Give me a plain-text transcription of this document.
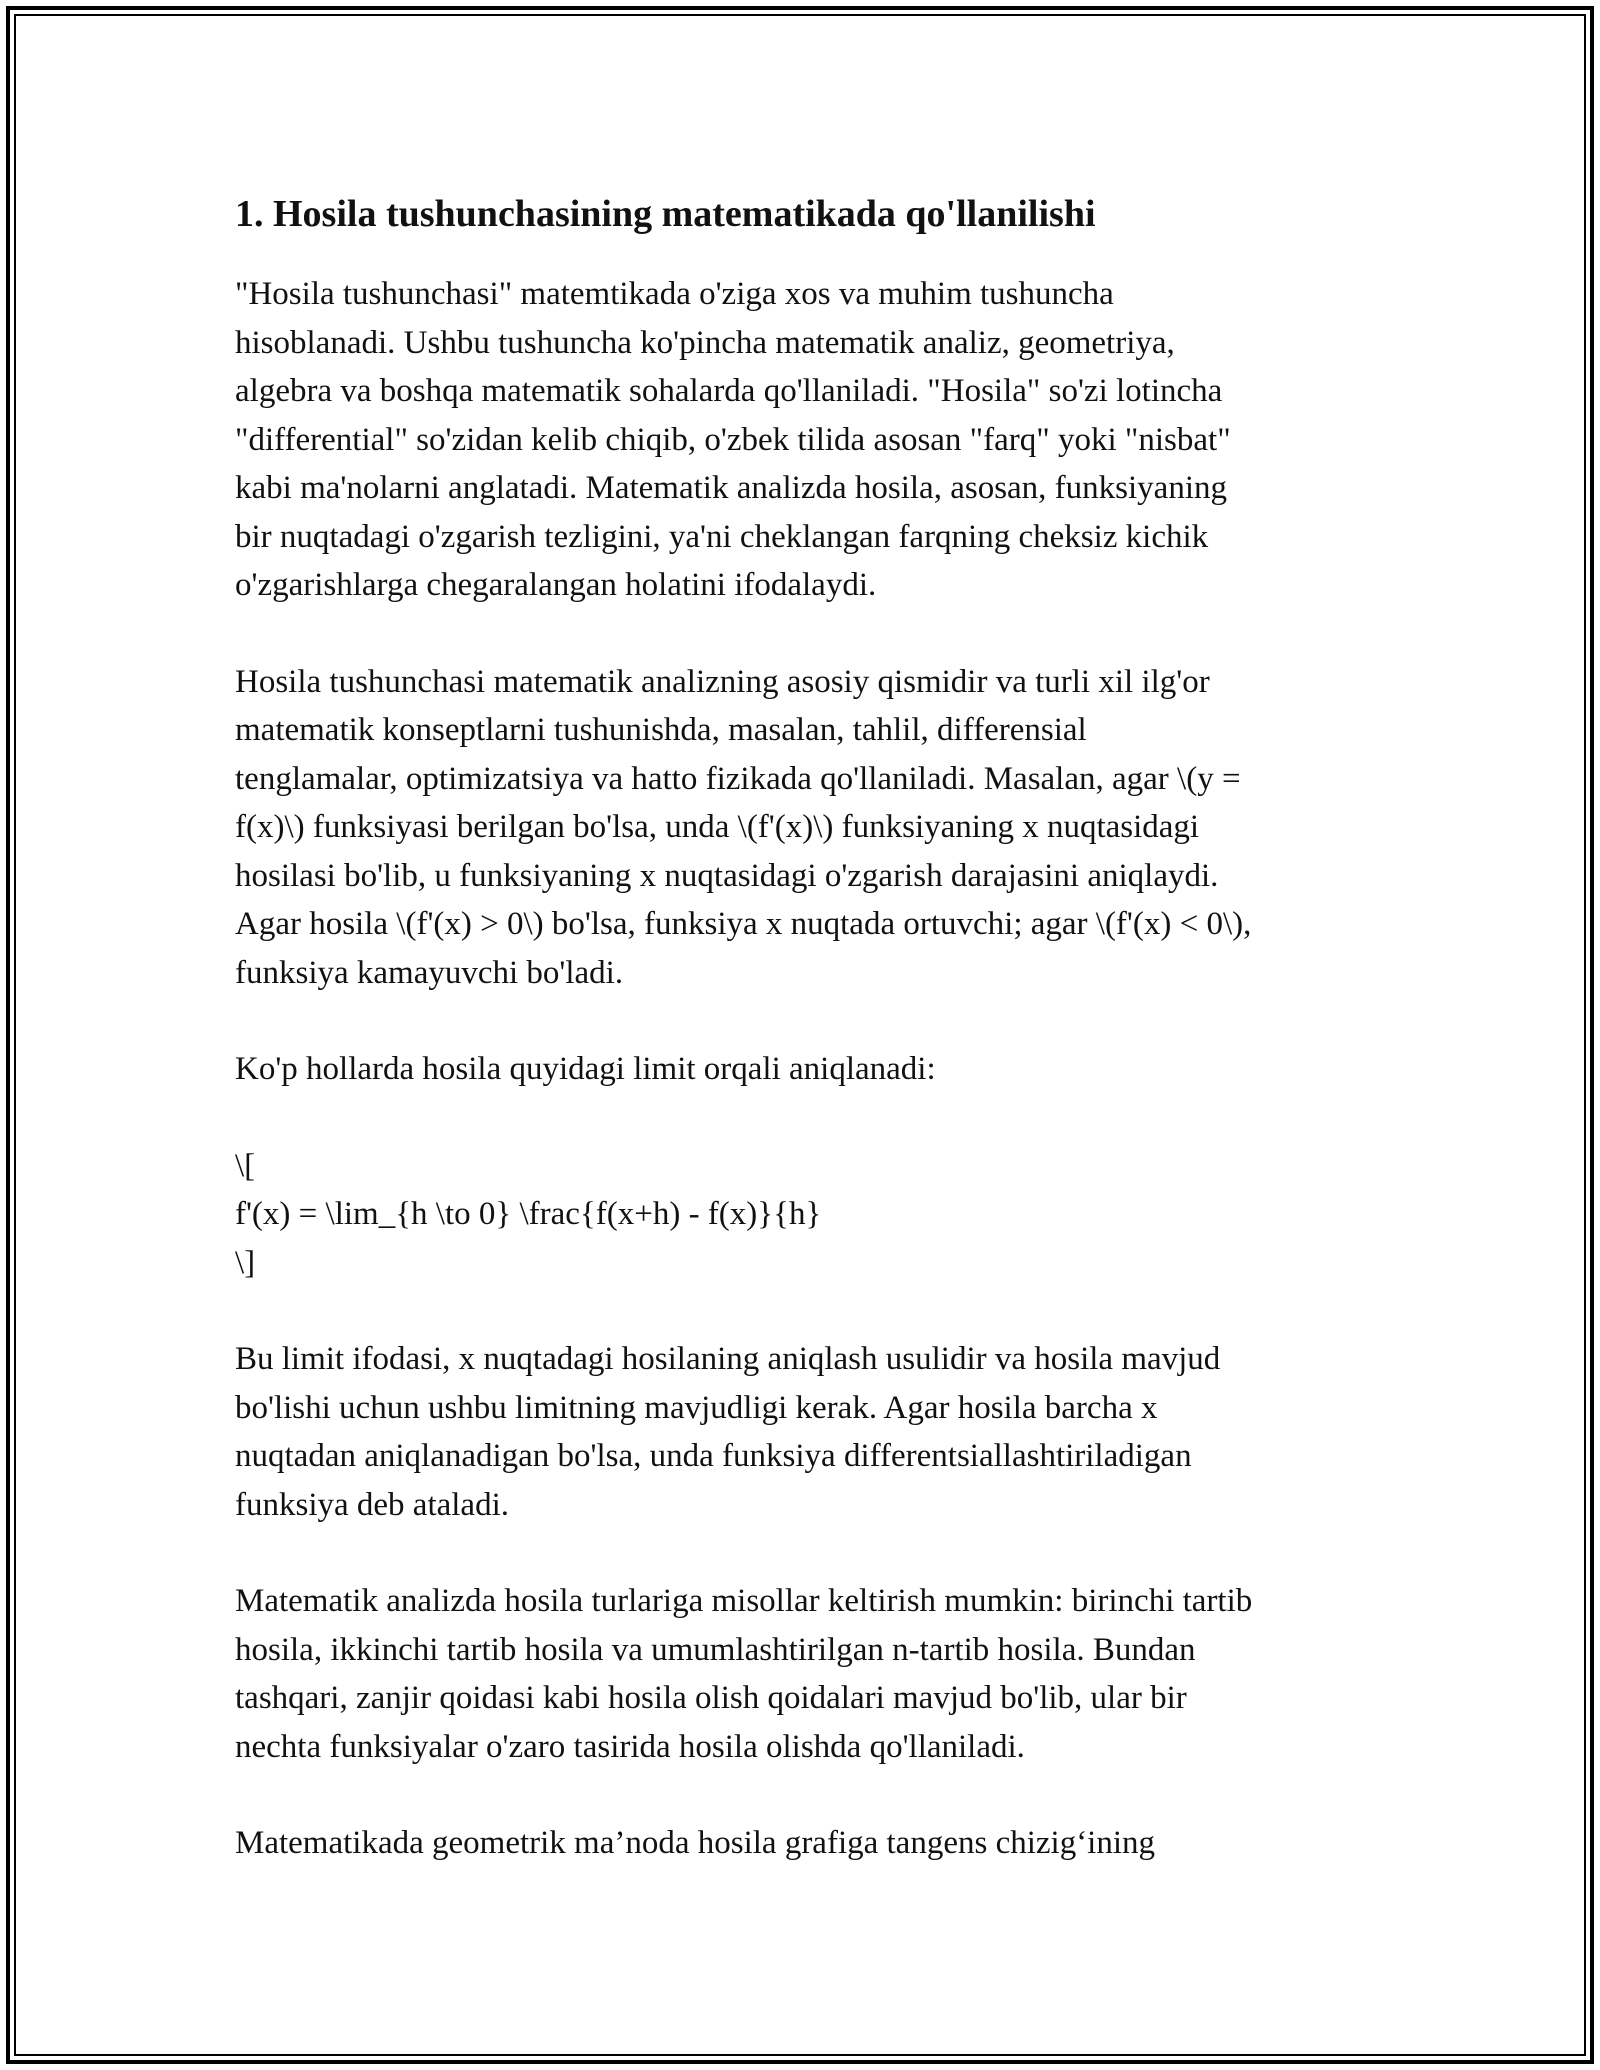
1. Hosila tushunchasining matematikada qo'llanilishi

"Hosila tushunchasi" matemtikada o'ziga xos va muhim tushuncha
hisoblanadi. Ushbu tushuncha ko'pincha matematik analiz, geometriya,
algebra va boshqa matematik sohalarda qo'llaniladi. "Hosila" so'zi lotincha
"differential" so'zidan kelib chiqib, o'zbek tilida asosan "farq" yoki "nisbat"
kabi ma'nolarni anglatadi. Matematik analizda hosila, asosan, funksiyaning
bir nuqtadagi o'zgarish tezligini, ya'ni cheklangan farqning cheksiz kichik
o'zgarishlarga chegaralangan holatini ifodalaydi.

Hosila tushunchasi matematik analizning asosiy qismidir va turli xil ilg'or
matematik konseptlarni tushunishda, masalan, tahlil, differensial
tenglamalar, optimizatsiya va hatto fizikada qo'llaniladi. Masalan, agar \(y =
f(x)\) funksiyasi berilgan bo'lsa, unda \(f'(x)\) funksiyaning x nuqtasidagi
hosilasi bo'lib, u funksiyaning x nuqtasidagi o'zgarish darajasini aniqlaydi.
Agar hosila \(f'(x) > 0\) bo'lsa, funksiya x nuqtada ortuvchi; agar \(f'(x) < 0\),
funksiya kamayuvchi bo'ladi.

Ko'p hollarda hosila quyidagi limit orqali aniqlanadi:

\[
f'(x) = \lim_{h \to 0} \frac{f(x+h) - f(x)}{h}
\]

Bu limit ifodasi, x nuqtadagi hosilaning aniqlash usulidir va hosila mavjud
bo'lishi uchun ushbu limitning mavjudligi kerak. Agar hosila barcha x
nuqtadan aniqlanadigan bo'lsa, unda funksiya differentsiallashtiriladigan
funksiya deb ataladi.

Matematik analizda hosila turlariga misollar keltirish mumkin: birinchi tartib
hosila, ikkinchi tartib hosila va umumlashtirilgan n-tartib hosila. Bundan
tashqari, zanjir qoidasi kabi hosila olish qoidalari mavjud bo'lib, ular bir
nechta funksiyalar o'zaro tasirida hosila olishda qo'llaniladi.

Matematikada geometrik ma’noda hosila grafiga tangens chizig‘ining
